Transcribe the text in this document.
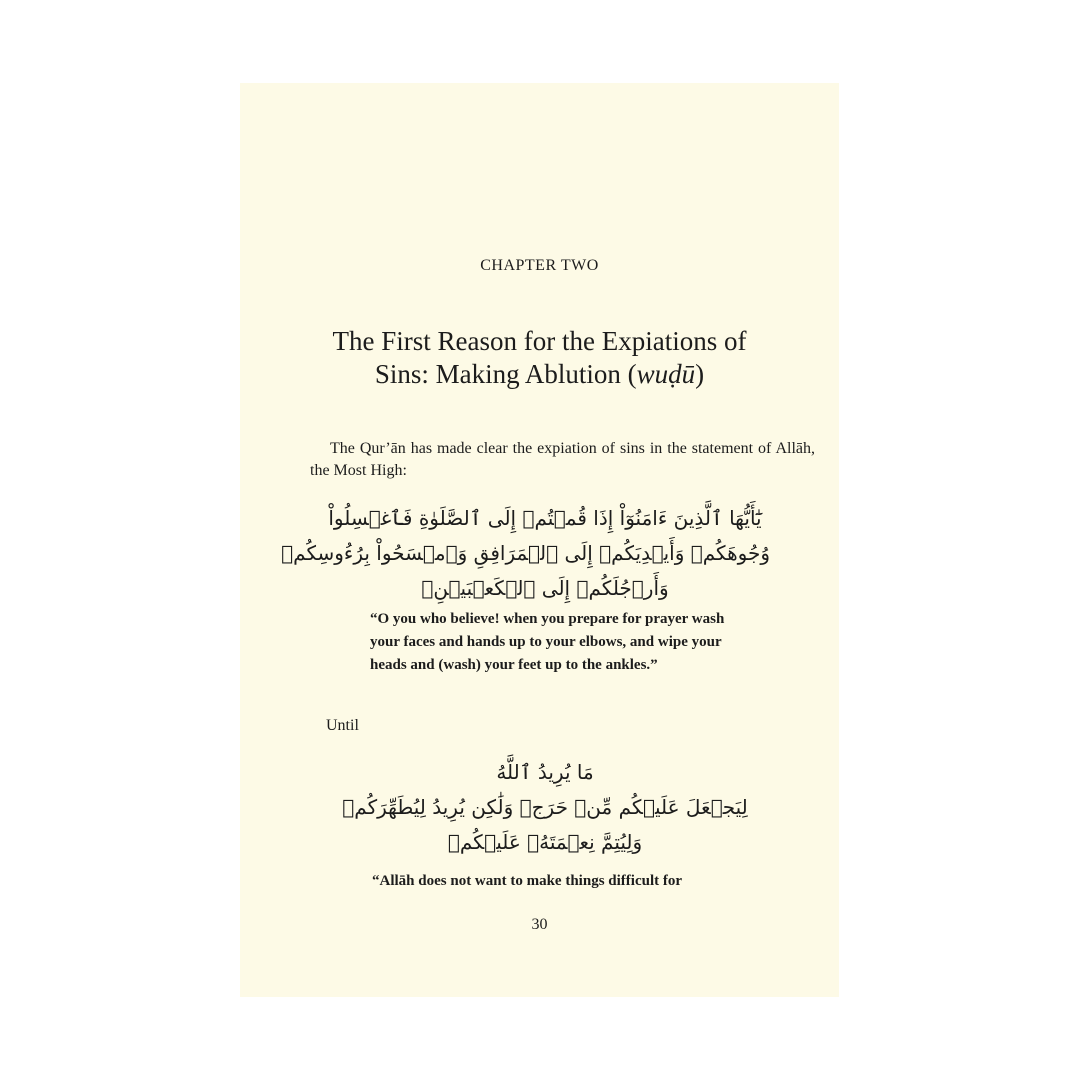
CHAPTER TWO
The First Reason for the Expiations of
Sins: Making Ablution (wuḍū)
The Qur’ān has made clear the expiation of sins in the statement of Allāh, the Most High:
يَٰٓأَيُّهَا ٱلَّذِينَ ءَامَنُوٓاْ إِذَا قُمۡتُمۡ إِلَى ٱلصَّلَوٰةِ فَٱغۡسِلُواْ
وُجُوهَكُمۡ وَأَيۡدِيَكُمۡ إِلَى ٱلۡمَرَافِقِ وَٱمۡسَحُواْ بِرُءُوسِكُمۡ
وَأَرۡجُلَكُمۡ إِلَى ٱلۡكَعۡبَيۡنِۚ
“O you who believe! when you prepare for prayer wash your faces and hands up to your elbows, and wipe your heads and (wash) your feet up to the ankles.”
Until
مَا يُرِيدُ ٱللَّهُ
لِيَجۡعَلَ عَلَيۡكُم مِّنۡ حَرَجٖ وَلَٰكِن يُرِيدُ لِيُطَهِّرَكُمۡ
وَلِيُتِمَّ نِعۡمَتَهُۥ عَلَيۡكُمۡ
“Allāh does not want to make things difficult for
30
